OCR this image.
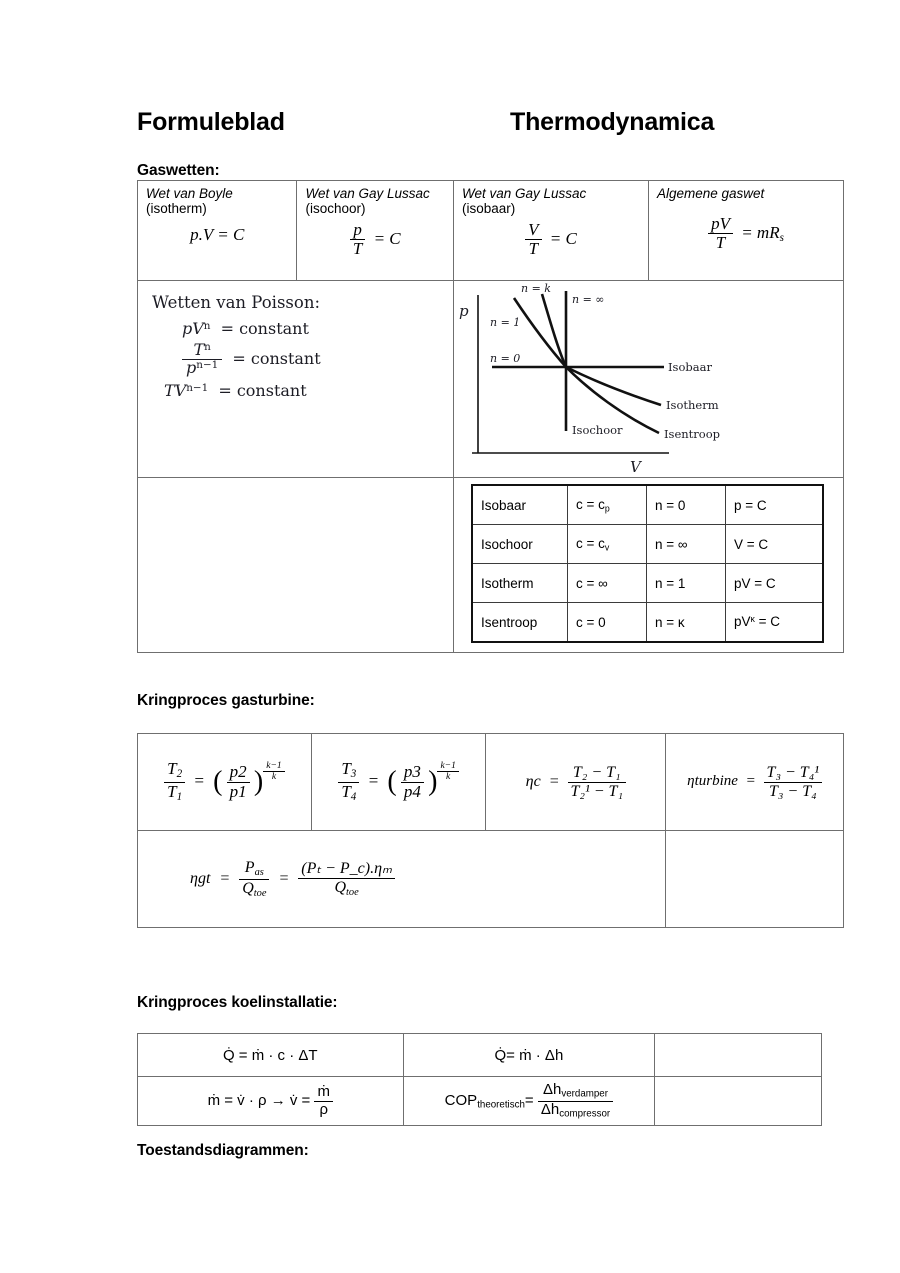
Formuleblad	Thermodynamica
Gaswetten:
Wet van Boyle
(isotherm)
p.V = C

Wet van Gay Lussac
(isochoor)
$\frac{p}{T} = C$

Wet van Gay Lussac
(isobaar)
$\frac{V}{T} = C$

Algemene gaswet
$\frac{pV}{T} = mR_s$

Wetten van Poisson:
$pV^n$ = constant
$\frac{T^n}{p^{n-1}}$ = constant
$TV^{n-1}$ = constant

p
V
n = k
n = ∞
n = 1
n = 0
Isobaar
Isotherm
Isentroop
Isochoor

Isobaar	$c = c_p$	n = 0	p = C
Isochoor	$c = c_v$	n = ∞	V = C
Isotherm	c = ∞	n = 1	pV = C
Isentroop	c = 0	n = κ	$pV^\kappa = C$
Kringproces gasturbine:
$\frac{T_2}{T_1}$ = ( $\frac{p2}{p1}$ ) $\frac{k-1}{k}$	$\frac{T_3}{T_4}$ = ( $\frac{p3}{p4}$ ) $\frac{k-1}{k}$	$\eta c = \frac{\text{T₂ − T₁}}{\text{T₂¹ − T₁}}$	ηturbine = $\frac{\text{T₃ − T₄¹}}{\text{T₃ − T₄}}$

$\eta gt = \frac{P_{as}}{Q_{toe}} = \frac{\text{(Pₜ − P\_c).ηₘ}}{Q_{toe}}$

Kringproces koelinstallatie:
Q̇ = ṁ · c · ΔT	Q̇= ṁ · Δh	
ṁ = v̇ · ρ → v̇ = $\frac{ṁ}{\rho}$	$COP_{theoretisch}= \frac{\Delta h_{verdamper}}{\Delta h_{compressor}}$

Toestandsdiagrammen:
